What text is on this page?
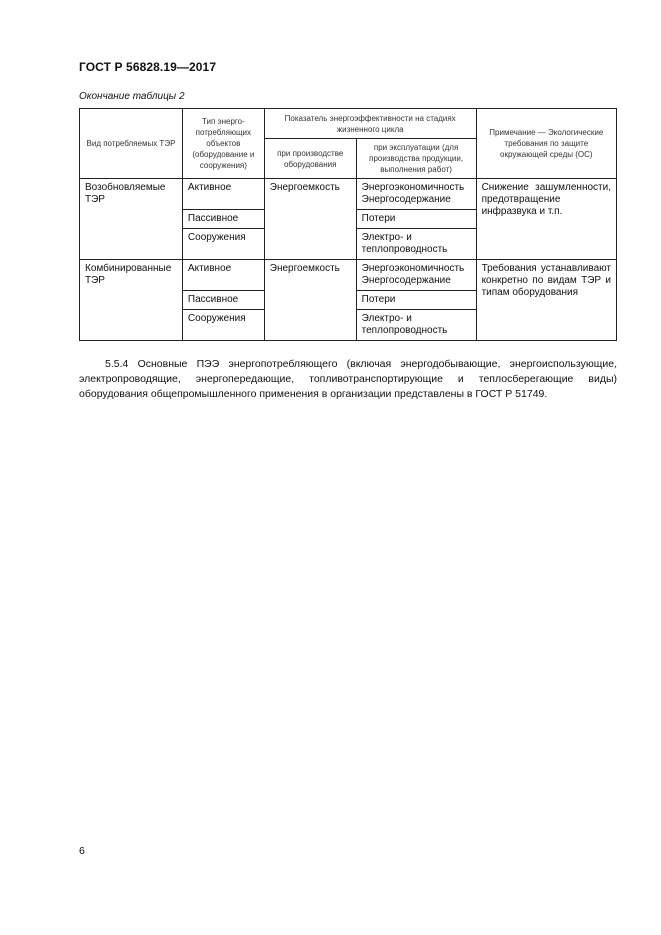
ГОСТ Р 56828.19—2017
Окончание таблицы 2
Вид потребляемых ТЭР	Тип энерго-потребляющих объектов (оборудование и сооружения)	Показатель энергоэффективности на стадиях жизненного цикла		Примечание — Экологические требования по защите окружающей среды (ОС)
		при производстве оборудования	при эксплуатации (для производства продукции, выполнения работ)	
Возобновляемые ТЭР	Активное	Энергоемкость	Энергоэкономичность Энергосодержание	Снижение зашумленности, предотвращение инфразвука и т.п.
	Пассивное		Потери	
	Сооружения		Электро- и теплопроводность	
Комбинированные ТЭР	Активное	Энергоемкость	Энергоэкономичность Энергосодержание	Требования устанавливают конкретно по видам ТЭР и типам оборудования
	Пассивное		Потери	
	Сооружения		Электро- и теплопроводность	
5.5.4 Основные ПЭЭ энергопотребляющего (включая энергодобывающие, энергоиспользующие, электропроводящие, энергопередающие, топливотранспортирующие и теплосберегающие виды) оборудования общепромышленного применения в организации представлены в ГОСТ Р 51749.
6
